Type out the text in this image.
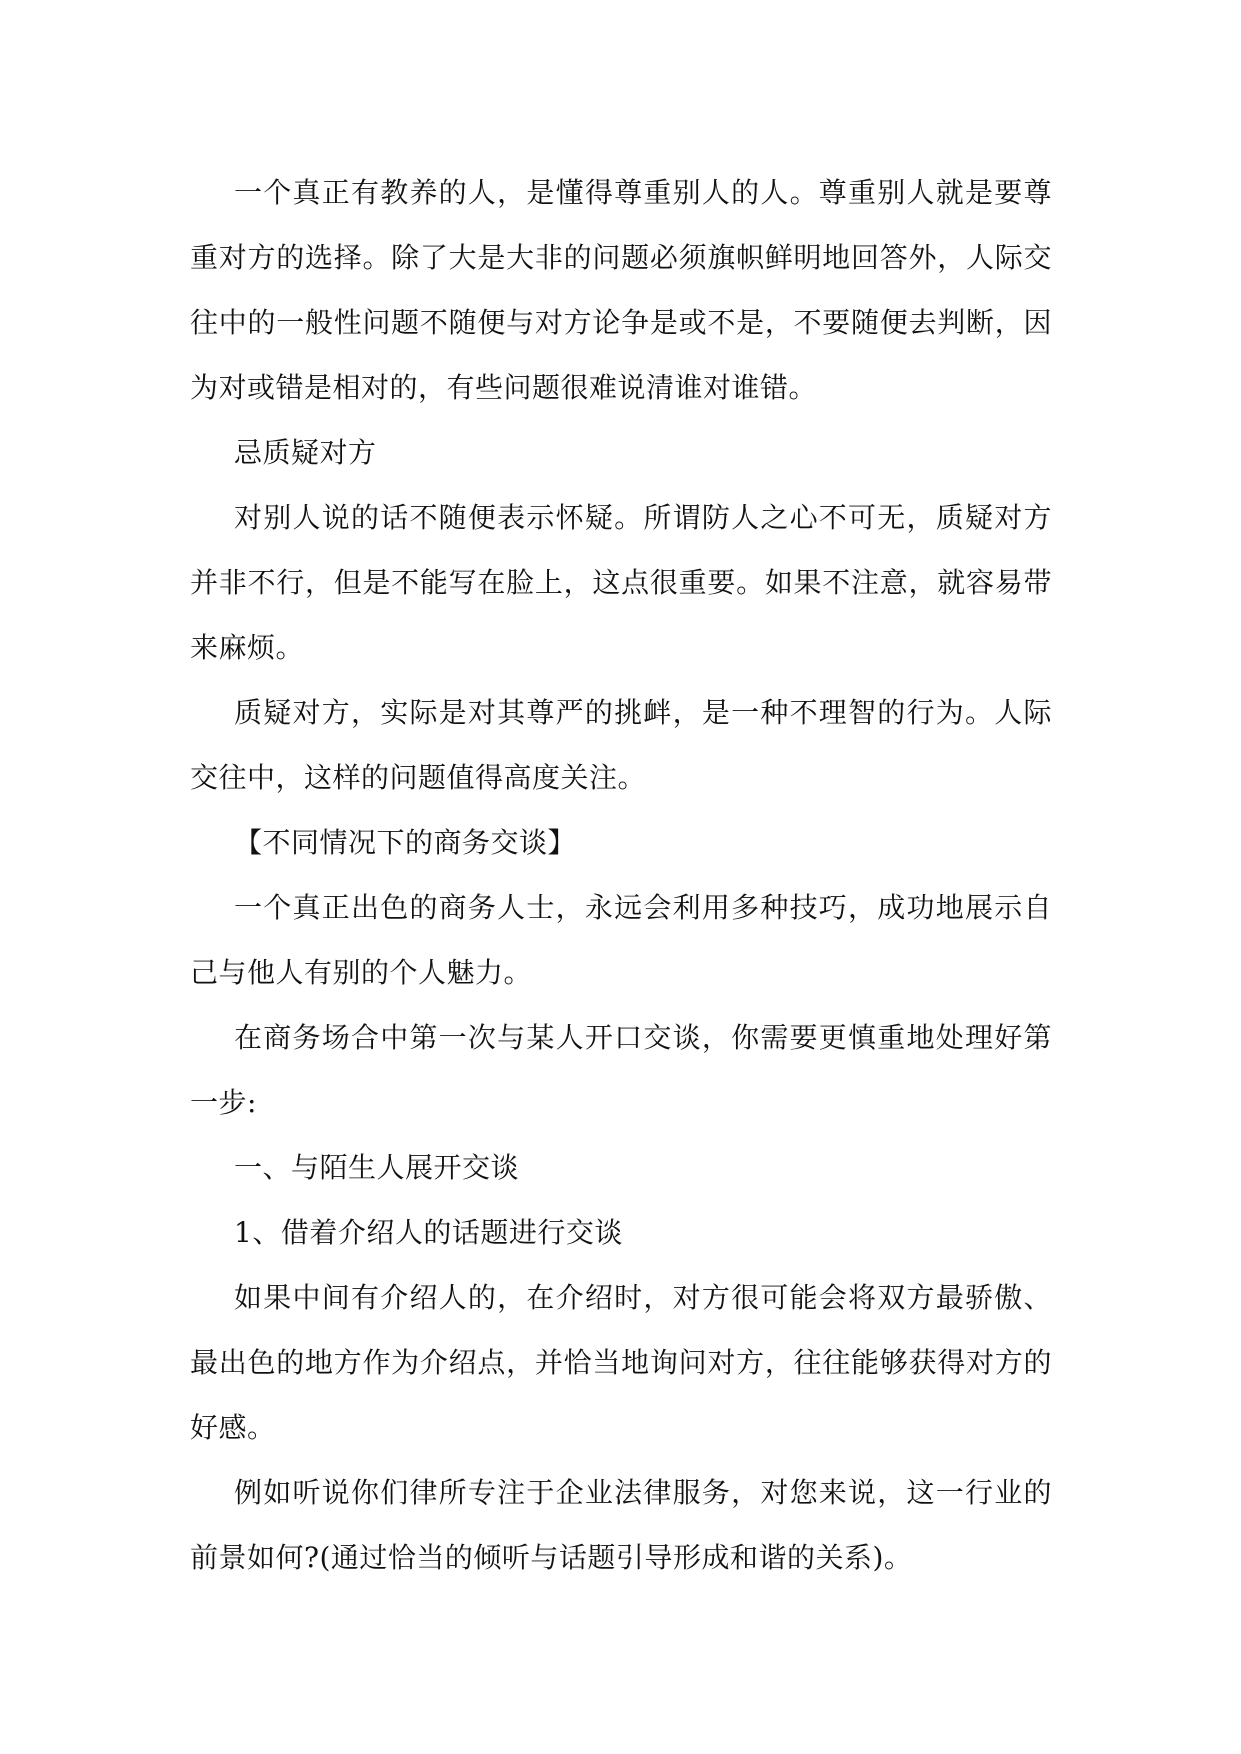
一个真正有教养的人，是懂得尊重别人的人。尊重别人就是要尊重对方的选择。除了大是大非的问题必须旗帜鲜明地回答外，人际交往中的一般性问题不随便与对方论争是或不是，不要随便去判断，因为对或错是相对的，有些问题很难说清谁对谁错。

忌质疑对方

对别人说的话不随便表示怀疑。所谓防人之心不可无，质疑对方并非不行，但是不能写在脸上，这点很重要。如果不注意，就容易带来麻烦。

质疑对方，实际是对其尊严的挑衅，是一种不理智的行为。人际交往中，这样的问题值得高度关注。

【不同情况下的商务交谈】

一个真正出色的商务人士，永远会利用多种技巧，成功地展示自己与他人有别的个人魅力。

在商务场合中第一次与某人开口交谈，你需要更慎重地处理好第一步:

一、与陌生人展开交谈

1、借着介绍人的话题进行交谈

如果中间有介绍人的，在介绍时，对方很可能会将双方最骄傲、最出色的地方作为介绍点，并恰当地询问对方，往往能够获得对方的好感。

例如听说你们律所专注于企业法律服务，对您来说，这一行业的前景如何?(通过恰当的倾听与话题引导形成和谐的关系)。
